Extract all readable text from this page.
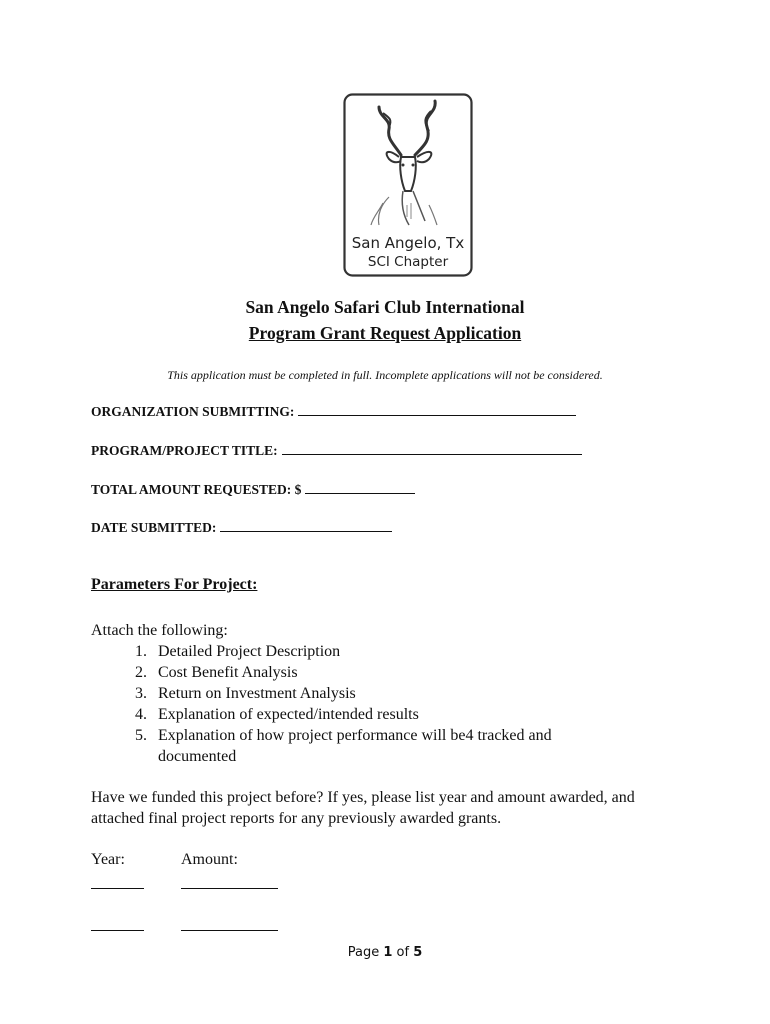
San Angelo, Tx
SCI Chapter
San Angelo Safari Club International
Program Grant Request Application
This application must be completed in full. Incomplete applications will not be considered.
ORGANIZATION SUBMITTING:
PROGRAM/PROJECT TITLE:
TOTAL AMOUNT REQUESTED: $
DATE SUBMITTED:
Parameters For Project:
Attach the following:
1. Detailed Project Description
2. Cost Benefit Analysis
3. Return on Investment Analysis
4. Explanation of expected/intended results
5. Explanation of how project performance will be4 tracked and documented
Have we funded this project before? If yes, please list year and amount awarded, and attached final project reports for any previously awarded grants.
Year:	Amount:
Page 1 of 5
